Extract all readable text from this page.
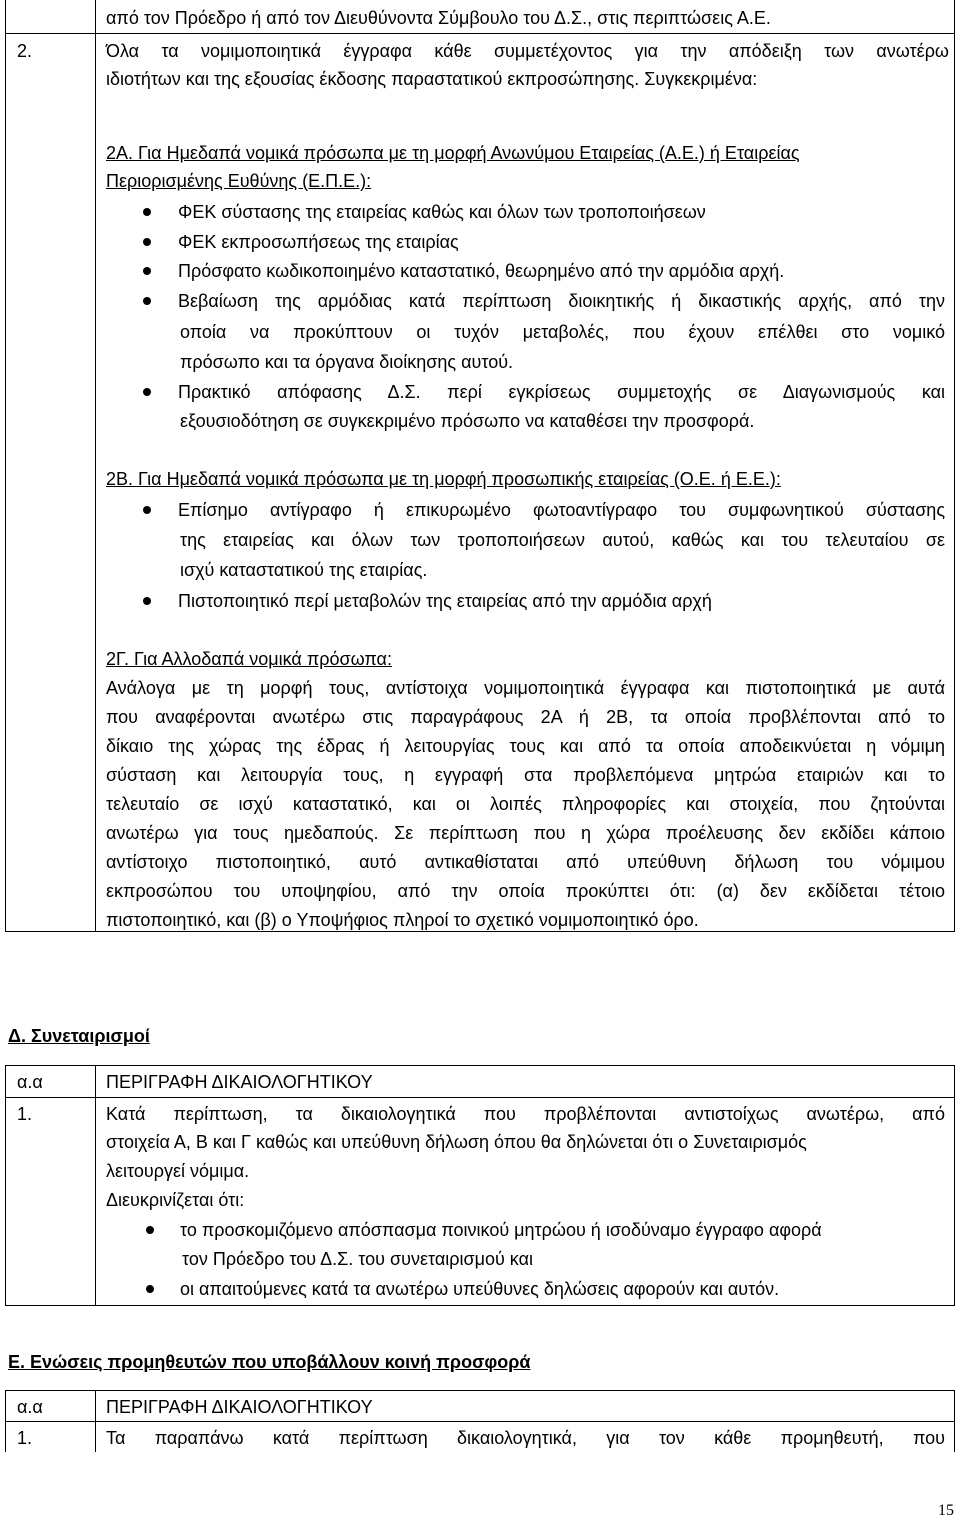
από τον Πρόεδρο ή από τον Διευθύνοντα Σύμβουλο του Δ.Σ., στις περιπτώσεις Α.Ε.
2.	Όλα τα νομιμοποιητικά έγγραφα κάθε συμμετέχοντος για την απόδειξη των ανωτέρω
ιδιοτήτων και της εξουσίας έκδοσης παραστατικού εκπροσώπησης. Συγκεκριμένα:
2Α. Για Ημεδαπά νομικά πρόσωπα με τη μορφή Ανωνύμου Εταιρείας (Α.Ε.) ή Εταιρείας
Περιορισμένης Ευθύνης (Ε.Π.Ε.):
ΦΕΚ σύστασης της εταιρείας καθώς και όλων των τροποποιήσεων
ΦΕΚ εκπροσωπήσεως της εταιρίας
Πρόσφατο κωδικοποιημένο καταστατικό, θεωρημένο από την αρμόδια αρχή.
Βεβαίωση της αρμόδιας κατά περίπτωση διοικητικής ή δικαστικής αρχής, από την
οποία να προκύπτουν οι τυχόν μεταβολές, που έχουν επέλθει στο νομικό
πρόσωπο και τα όργανα διοίκησης αυτού.
Πρακτικό απόφασης Δ.Σ. περί εγκρίσεως συμμετοχής σε Διαγωνισμούς και
εξουσιοδότηση σε συγκεκριμένο πρόσωπο να καταθέσει την προσφορά.
2Β. Για Ημεδαπά νομικά πρόσωπα με τη μορφή προσωπικής εταιρείας (Ο.Ε. ή Ε.Ε.):
Επίσημο αντίγραφο ή επικυρωμένο φωτοαντίγραφο του συμφωνητικού σύστασης
της εταιρείας και όλων των τροποποιήσεων αυτού, καθώς και του τελευταίου σε
ισχύ καταστατικού της εταιρίας.
Πιστοποιητικό περί μεταβολών της εταιρείας από την αρμόδια αρχή
2Γ. Για Αλλοδαπά νομικά πρόσωπα:
Ανάλογα με τη μορφή τους, αντίστοιχα νομιμοποιητικά έγγραφα και πιστοποιητικά με αυτά
που αναφέρονται ανωτέρω στις παραγράφους 2Α ή 2Β, τα οποία προβλέπονται από το
δίκαιο της χώρας της έδρας ή λειτουργίας τους και από τα οποία αποδεικνύεται η νόμιμη
σύσταση και λειτουργία τους, η εγγραφή στα προβλεπόμενα μητρώα εταιριών και το
τελευταίο σε ισχύ καταστατικό, και οι λοιπές πληροφορίες και στοιχεία, που ζητούνται
ανωτέρω για τους ημεδαπούς. Σε περίπτωση που η χώρα προέλευσης δεν εκδίδει κάποιο
αντίστοιχο πιστοποιητικό, αυτό αντικαθίσταται από υπεύθυνη δήλωση του νόμιμου
εκπροσώπου του υποψηφίου, από την οποία προκύπτει ότι: (α) δεν εκδίδεται τέτοιο
πιστοποιητικό, και (β) ο Υποψήφιος πληροί το σχετικό νομιμοποιητικό όρο.
Δ. Συνεταιρισμοί
α.α	ΠΕΡΙΓΡΑΦΗ ΔΙΚΑΙΟΛΟΓΗΤΙΚΟΥ
1.	Κατά περίπτωση, τα δικαιολογητικά που προβλέπονται αντιστοίχως ανωτέρω, από
στοιχεία Α, Β και Γ καθώς και υπεύθυνη δήλωση όπου θα δηλώνεται ότι ο Συνεταιρισμός
λειτουργεί νόμιμα.
Διευκρινίζεται ότι:
το προσκομιζόμενο απόσπασμα ποινικού μητρώου ή ισοδύναμο έγγραφο αφορά
τον Πρόεδρο του Δ.Σ. του συνεταιρισμού και
οι απαιτούμενες κατά τα ανωτέρω υπεύθυνες δηλώσεις αφορούν και αυτόν.
Ε. Ενώσεις προμηθευτών που υποβάλλουν κοινή προσφορά
α.α	ΠΕΡΙΓΡΑΦΗ ΔΙΚΑΙΟΛΟΓΗΤΙΚΟΥ
1.	Τα παραπάνω κατά περίπτωση δικαιολογητικά, για τον κάθε προμηθευτή, που
15
